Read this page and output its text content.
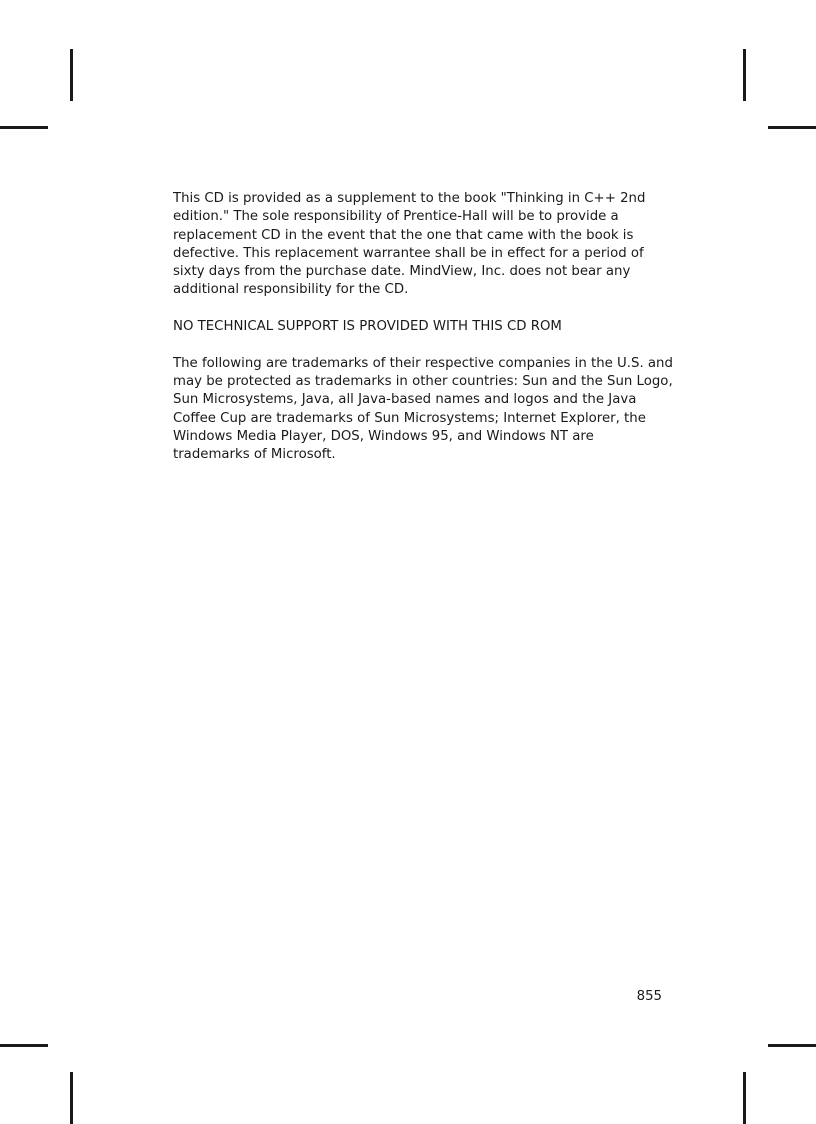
This CD is provided as a supplement to the book "Thinking in C++ 2nd edition." The sole responsibility of Prentice-Hall will be to provide a replacement CD in the event that the one that came with the book is defective. This replacement warrantee shall be in effect for a period of sixty days from the purchase date. MindView, Inc. does not bear any additional responsibility for the CD.

NO TECHNICAL SUPPORT IS PROVIDED WITH THIS CD ROM

The following are trademarks of their respective companies in the U.S. and may be protected as trademarks in other countries: Sun and the Sun Logo, Sun Microsystems, Java, all Java-based names and logos and the Java Coffee Cup are trademarks of Sun Microsystems; Internet Explorer, the Windows Media Player, DOS, Windows 95, and Windows NT are trademarks of Microsoft.

855
